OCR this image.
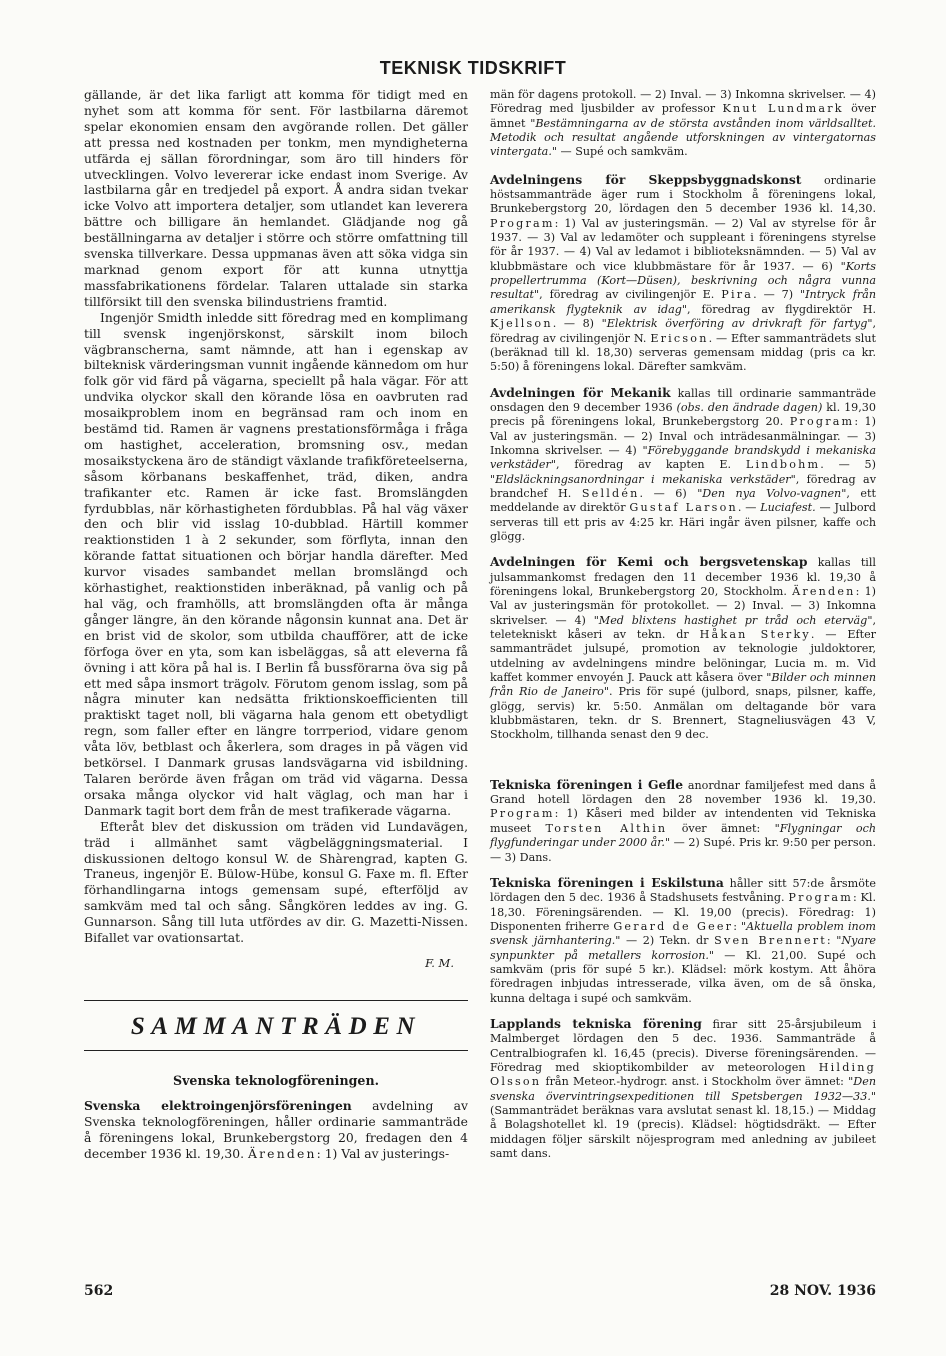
TEKNISK TIDSKRIFT

gällande, är det lika farligt att komma för tidigt med en nyhet som att komma för sent. För lastbilarna däremot spelar ekonomien ensam den avgörande rollen. Det gäller att pressa ned kostnaden per tonkm, men myndigheterna utfärda ej sällan förordningar, som äro till hinders för utvecklingen. Volvo levererar icke endast inom Sverige. Av lastbilarna går en tredjedel på export. Å andra sidan tvekar icke Volvo att importera detaljer, som utlandet kan leverera bättre och billigare än hemlandet. Glädjande nog gå beställningarna av detaljer i större och större omfattning till svenska tillverkare. Dessa uppmanas även att söka vidga sin marknad genom export för att kunna utnyttja massfabrikationens fördelar. Talaren uttalade sin starka tillförsikt till den svenska bilindustriens framtid.

Ingenjör Smidth inledde sitt föredrag med en komplimang till svensk ingenjörskonst, särskilt inom biloch vägbranscherna, samt nämnde, att han i egenskap av bilteknisk värderingsman vunnit ingående kännedom om hur folk gör vid färd på vägarna, speciellt på hala vägar. För att undvika olyckor skall den körande lösa en oavbruten rad mosaikproblem inom en begränsad ram och inom en bestämd tid. Ramen är vagnens prestationsförmåga i fråga om hastighet, acceleration, bromsning osv., medan mosaikstyckena äro de ständigt växlande trafikföreteelserna, såsom körbanans beskaffenhet, träd, diken, andra trafikanter etc. Ramen är icke fast. Bromslängden fyrdubblas, när körhastigheten fördubblas. På hal väg växer den och blir vid isslag 10-dubblad. Härtill kommer reaktionstiden 1 à 2 sekunder, som förflyta, innan den körande fattat situationen och börjar handla därefter. Med kurvor visades sambandet mellan bromslängd och körhastighet, reaktionstiden inberäknad, på vanlig och på hal väg, och framhölls, att bromslängden ofta är många gånger längre, än den körande någonsin kunnat ana. Det är en brist vid de skolor, som utbilda chaufförer, att de icke förfoga över en yta, som kan isbeläggas, så att eleverna få övning i att köra på hal is. I Berlin få bussförarna öva sig på ett med såpa insmort trägolv. Förutom genom isslag, som på några minuter kan nedsätta friktionskoefficienten till praktiskt taget noll, bli vägarna hala genom ett obetydligt regn, som faller efter en längre torrperiod, vidare genom våta löv, betblast och åkerlera, som drages in på vägen vid betkörsel. I Danmark grusas landsvägarna vid isbildning. Talaren berörde även frågan om träd vid vägarna. Dessa orsaka många olyckor vid halt väglag, och man har i Danmark tagit bort dem från de mest trafikerade vägarna.

Efteråt blev det diskussion om träden vid Lundavägen, träd i allmänhet samt vägbeläggningsmaterial. I diskussionen deltogo konsul W. de Shàrengrad, kapten G. Traneus, ingenjör E. Bülow-Hübe, konsul G. Faxe m. fl. Efter förhandlingarna intogs gemensam supé, efterföljd av samkväm med tal och sång. Sångkören leddes av ing. G. Gunnarson. Sång till luta utfördes av dir. G. Mazetti-Nissen. Bifallet var ovationsartat.

F. M.
SAMMANTRÄDEN
Svenska teknologföreningen.

Svenska elektroingenjörsföreningen avdelning av Svenska teknologföreningen, håller ordinarie sammanträde å föreningens lokal, Brunkebergstorg 20, fredagen den 4 december 1936 kl. 19,30. Ärenden: 1) Val av justerings-

män för dagens protokoll. — 2) Inval. — 3) Inkomna skrivelser. — 4) Föredrag med ljusbilder av professor Knut Lundmark över ämnet "Bestämningarna av de största avstånden inom världsalltet. Metodik och resultat angående utforskningen av vintergatornas vintergata." — Supé och samkväm.

Avdelningens för Skeppsbyggnadskonst ordinarie höstsammanträde äger rum i Stockholm å föreningens lokal, Brunkebergstorg 20, lördagen den 5 december 1936 kl. 14,30. Program: 1) Val av justeringsmän. — 2) Val av styrelse för år 1937. — 3) Val av ledamöter och suppleant i föreningens styrelse för år 1937. — 4) Val av ledamot i biblioteksnämnden. — 5) Val av klubbmästare och vice klubbmästare för år 1937. — 6) "Korts propellertrumma (Kort—Düsen), beskrivning och några vunna resultat", föredrag av civilingenjör E. Pira. — 7) "Intryck från amerikansk flygteknik av idag", föredrag av flygdirektör H. Kjellson. — 8) "Elektrisk överföring av drivkraft för fartyg", föredrag av civilingenjör N. Ericson. — Efter sammanträdets slut (beräknad till kl. 18,30) serveras gemensam middag (pris ca kr. 5:50) å föreningens lokal. Därefter samkväm.

Avdelningen för Mekanik kallas till ordinarie sammanträde onsdagen den 9 december 1936 (obs. den ändrade dagen) kl. 19,30 precis på föreningens lokal, Brunkebergstorg 20. Program: 1) Val av justeringsmän. — 2) Inval och inträdesanmälningar. — 3) Inkomna skrivelser. — 4) "Förebyggande brandskydd i mekaniska verkstäder", föredrag av kapten E. Lindbohm. — 5) "Eldsläckningsanordningar i mekaniska verkstäder", föredrag av brandchef H. Selldén. — 6) "Den nya Volvo-vagnen", ett meddelande av direktör Gustaf Larson. — Luciafest. — Julbord serveras till ett pris av 4:25 kr. Häri ingår även pilsner, kaffe och glögg.

Avdelningen för Kemi och bergsvetenskap kallas till julsammankomst fredagen den 11 december 1936 kl. 19,30 å föreningens lokal, Brunkebergstorg 20, Stockholm. Ärenden: 1) Val av justeringsmän för protokollet. — 2) Inval. — 3) Inkomna skrivelser. — 4) "Med blixtens hastighet pr tråd och eterväg", teletekniskt kåseri av tekn. dr Håkan Sterky. — Efter sammanträdet julsupé, promotion av teknologie juldoktorer, utdelning av avdelningens mindre belöningar, Lucia m. m. Vid kaffet kommer envoyén J. Pauck att kåsera över "Bilder och minnen från Rio de Janeiro". Pris för supé (julbord, snaps, pilsner, kaffe, glögg, servis) kr. 5:50. Anmälan om deltagande bör vara klubbmästaren, tekn. dr S. Brennert, Stagneliusvägen 43 V, Stockholm, tillhanda senast den 9 dec.

Tekniska föreningen i Gefle anordnar familjefest med dans å Grand hotell lördagen den 28 november 1936 kl. 19,30. Program: 1) Kåseri med bilder av intendenten vid Tekniska museet Torsten Althin över ämnet: "Flygningar och flygfunderingar under 2000 år." — 2) Supé. Pris kr. 9:50 per person. — 3) Dans.

Tekniska föreningen i Eskilstuna håller sitt 57:de årsmöte lördagen den 5 dec. 1936 å Stadshusets festvåning. Program: Kl. 18,30. Föreningsärenden. — Kl. 19,00 (precis). Föredrag: 1) Disponenten friherre Gerard de Geer: "Aktuella problem inom svensk järnhantering." — 2) Tekn. dr Sven Brennert: "Nyare synpunkter på metallers korrosion." — Kl. 21,00. Supé och samkväm (pris för supé 5 kr.). Klädsel: mörk kostym. Att åhöra föredragen inbjudas intresserade, vilka även, om de så önska, kunna deltaga i supé och samkväm.

Lapplands tekniska förening firar sitt 25-årsjubileum i Malmberget lördagen den 5 dec. 1936. Sammanträde å Centralbiografen kl. 16,45 (precis). Diverse föreningsärenden. — Föredrag med skioptikombilder av meteorologen Hilding Olsson från Meteor.-hydrogr. anst. i Stockholm över ämnet: "Den svenska övervintringsexpeditionen till Spetsbergen 1932—33." (Sammanträdet beräknas vara avslutat senast kl. 18,15.) — Middag å Bolagshotellet kl. 19 (precis). Klädsel: högtidsdräkt. — Efter middagen följer särskilt nöjesprogram med anledning av jubileet samt dans.

562	28 NOV. 1936
